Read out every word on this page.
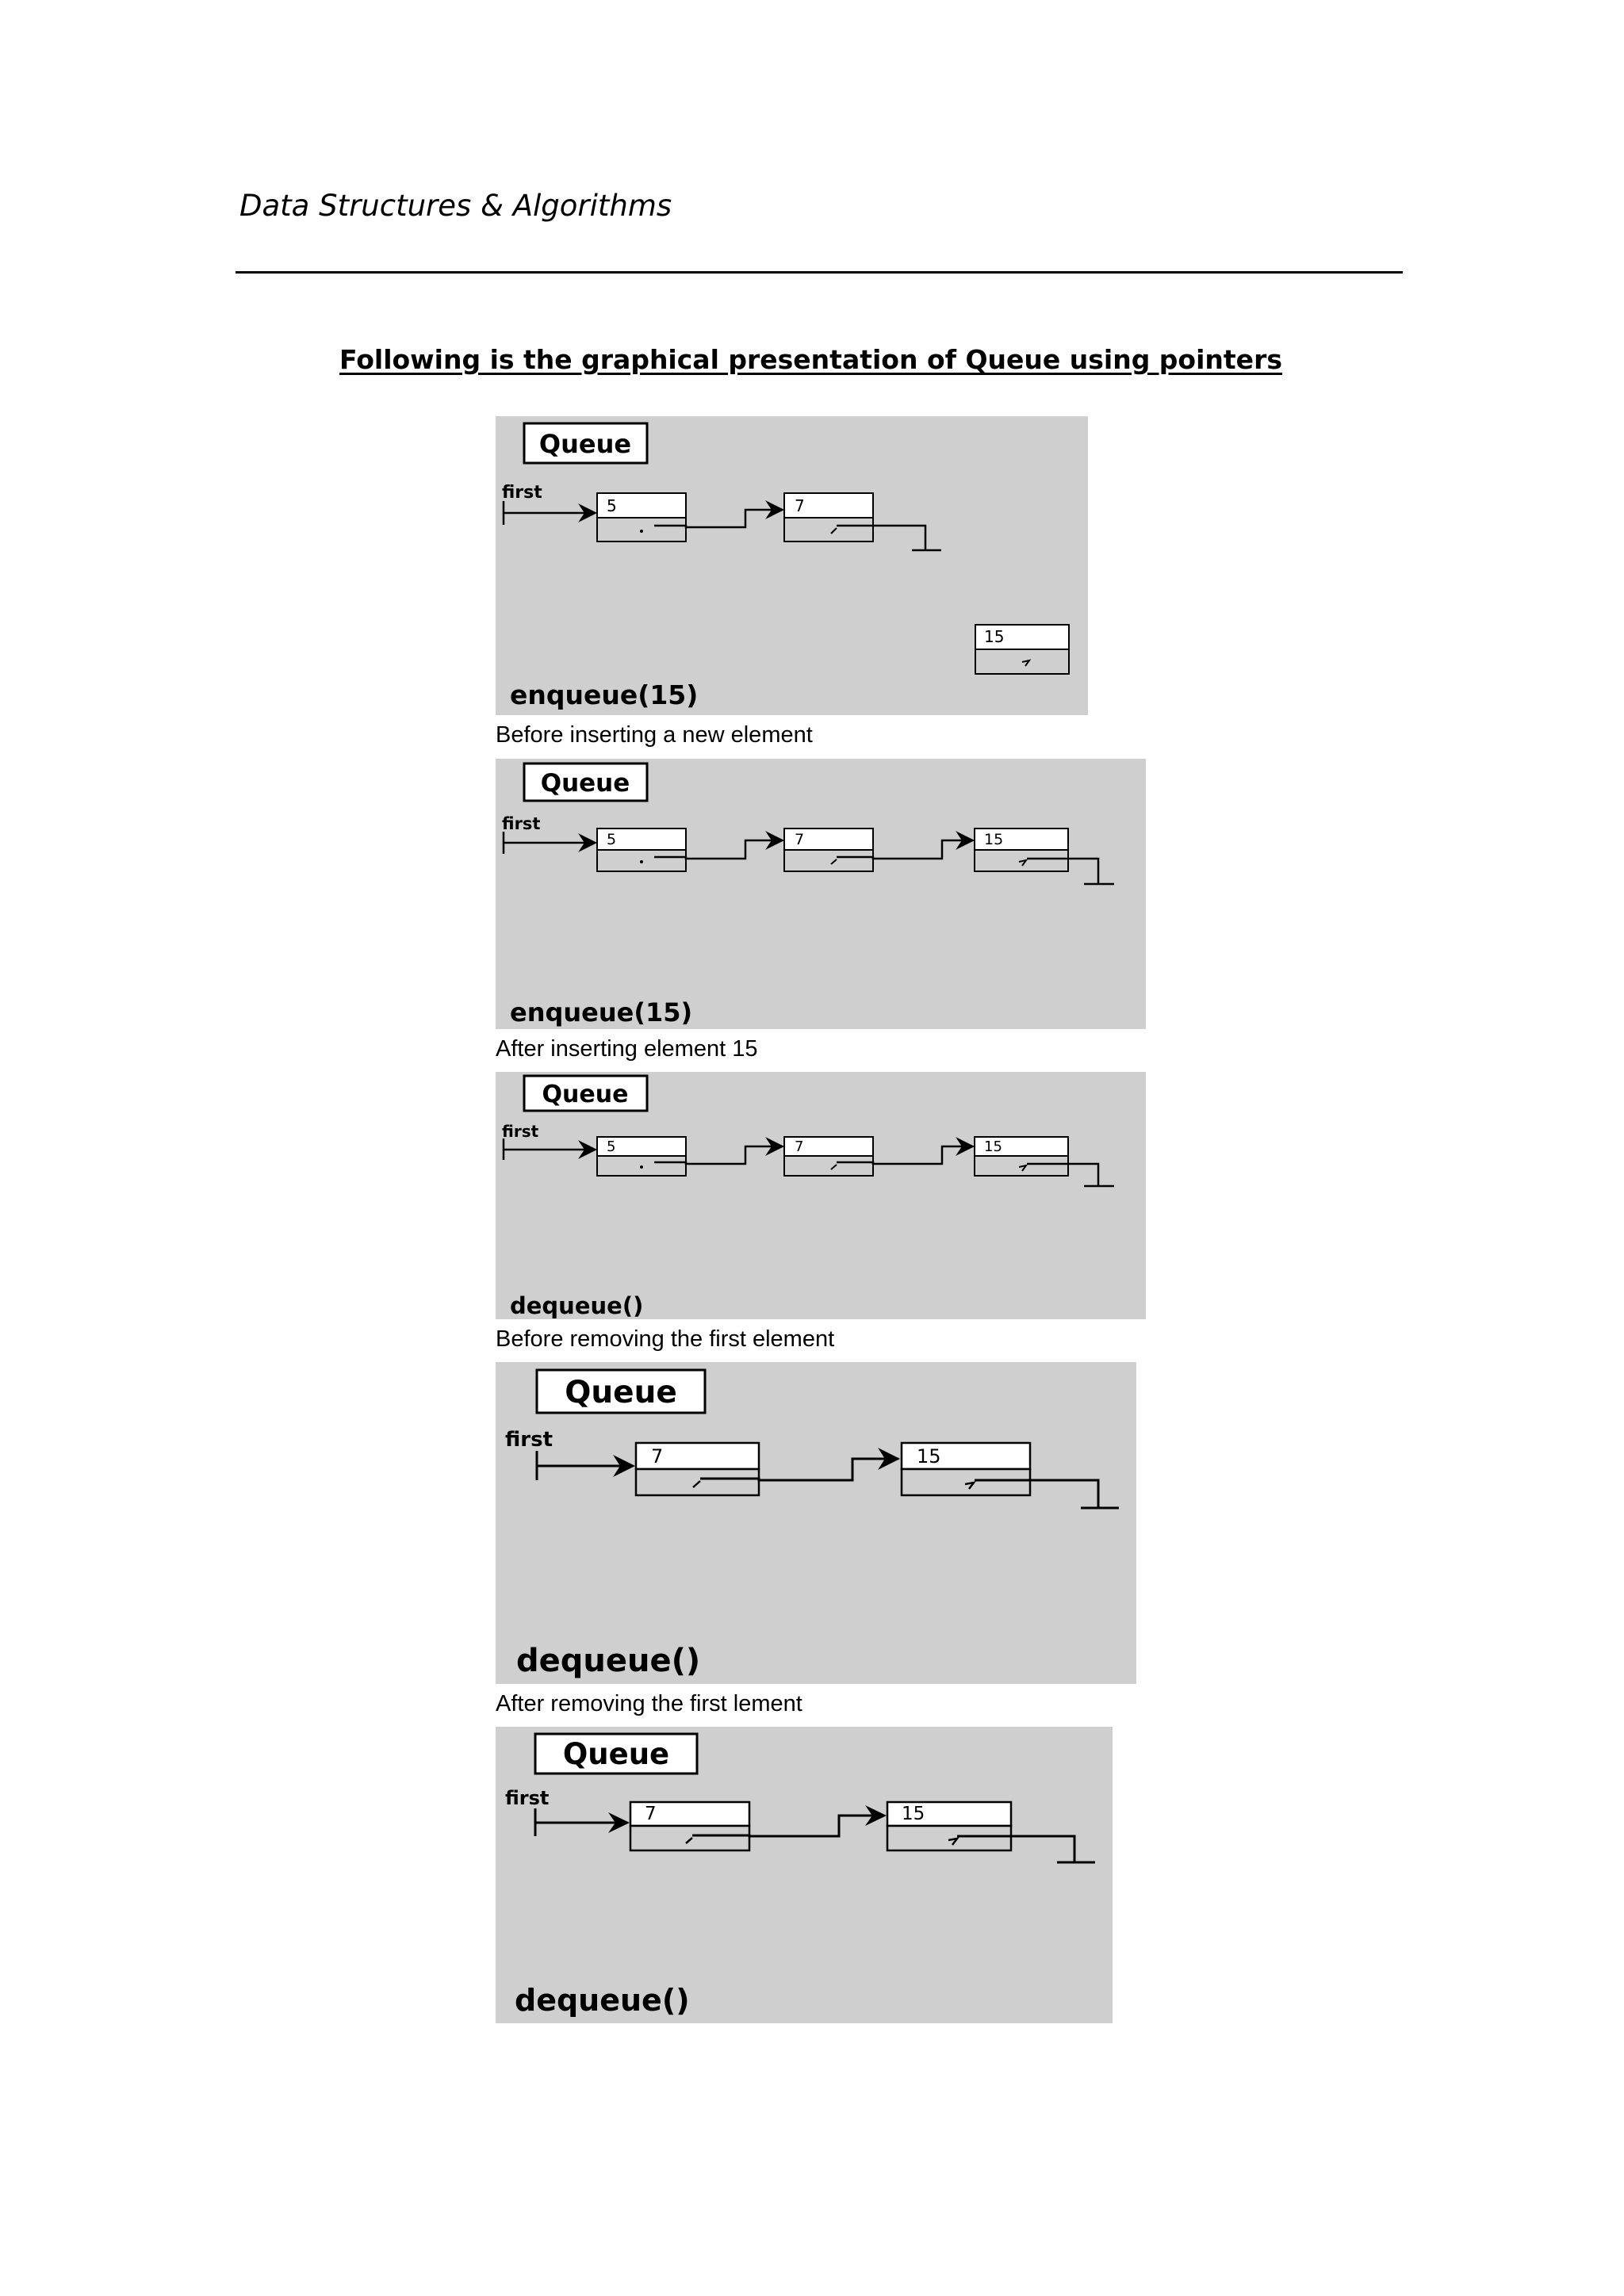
Data Structures & Algorithms
Following is the graphical presentation of Queue using pointers
Queue
first
5	7
15
enqueue(15)
Before inserting a new element
Queue
first
5	7	15
enqueue(15)
After inserting element 15
Queue
first
5	7	15
dequeue()
Before removing the first element
Queue
first
7	15
dequeue()
After removing the first lement
Queue
first
7	15
dequeue()
